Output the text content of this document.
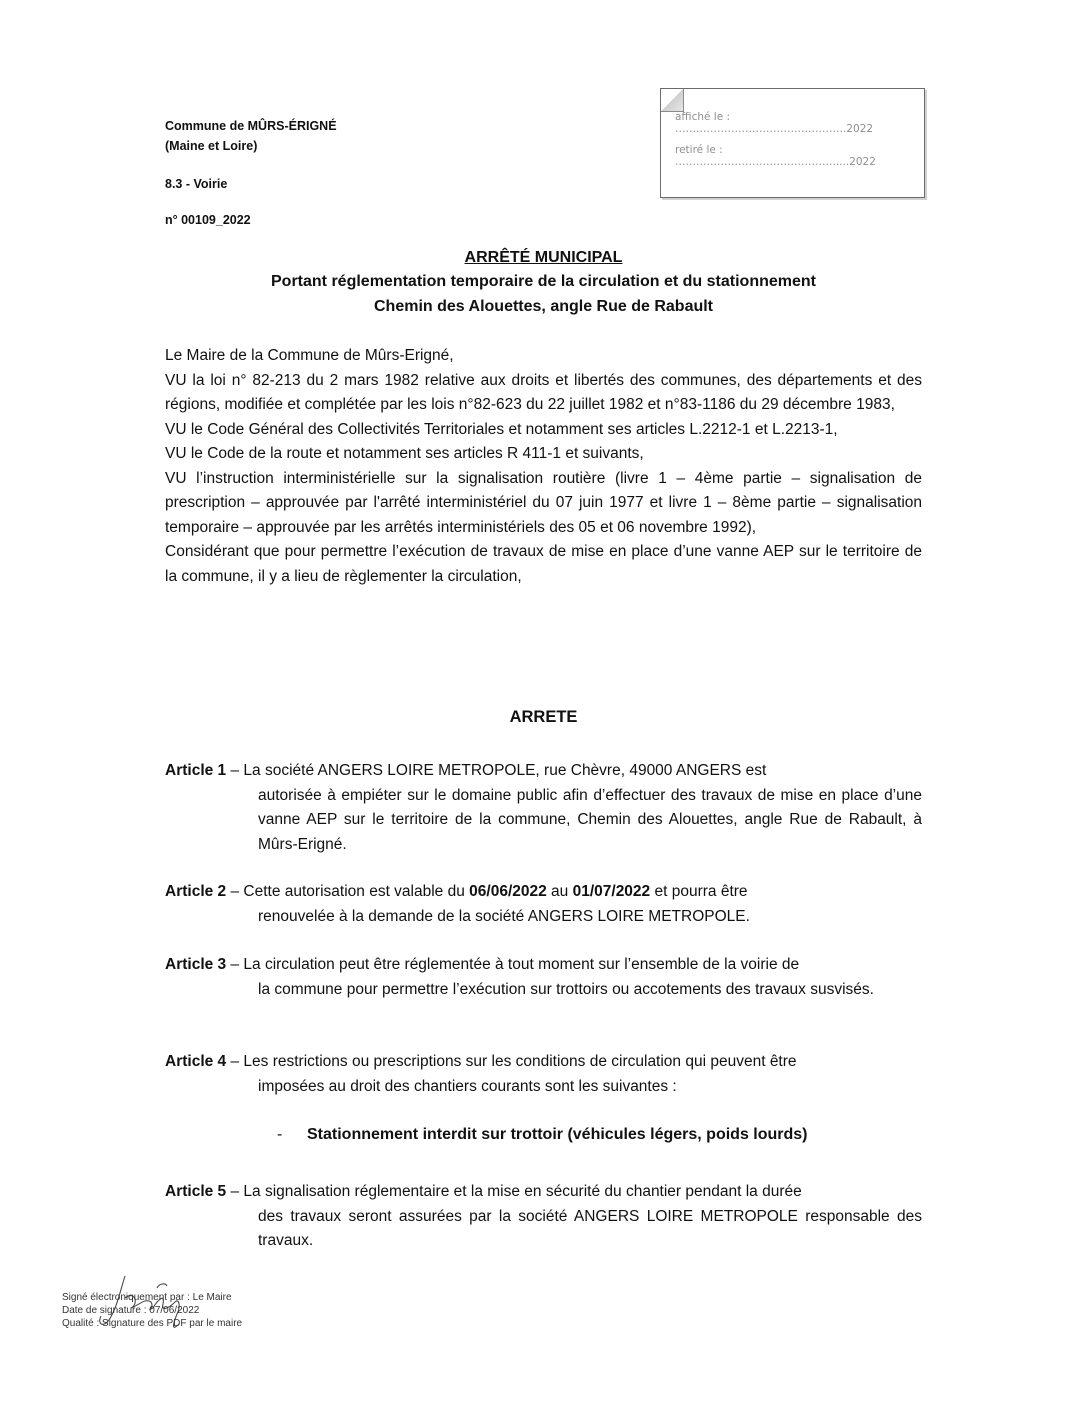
Commune de MÛRS-ÉRIGNÉ
(Maine et Loire)
8.3 - Voirie
n° 00109_2022
affiché le : ………………………………………….2022
retiré le : ……………………………………….....2022
ARRÊTÉ MUNICIPAL
Portant réglementation temporaire de la circulation et du stationnement
Chemin des Alouettes, angle Rue de Rabault

Le Maire de la Commune de Mûrs-Erigné,

VU la loi n° 82-213 du 2 mars 1982 relative aux droits et libertés des communes, des départements et des régions, modifiée et complétée par les lois n°82-623 du 22 juillet 1982 et n°83-1186 du 29 décembre 1983,

VU le Code Général des Collectivités Territoriales et notamment ses articles L.2212-1 et L.2213-1,

VU le Code de la route et notamment ses articles R 411-1 et suivants,

VU l’instruction interministérielle sur la signalisation routière (livre 1 – 4ème partie – signalisation de prescription – approuvée par l'arrêté interministériel du 07 juin 1977 et livre 1 – 8ème partie – signalisation temporaire – approuvée par les arrêtés interministériels des 05 et 06 novembre 1992),

Considérant que pour permettre l’exécution de travaux de mise en place d’une vanne AEP sur le territoire de la commune, il y a lieu de règlementer la circulation,

ARRETE
Article 1 – La société ANGERS LOIRE METROPOLE, rue Chèvre, 49000 ANGERS est
autorisée à empiéter sur le domaine public afin d’effectuer des travaux de mise en place d’une vanne AEP sur le territoire de la commune, Chemin des Alouettes, angle Rue de Rabault, à Mûrs-Erigné.
Article 2 – Cette autorisation est valable du 06/06/2022 au 01/07/2022 et pourra être
renouvelée à la demande de la société ANGERS LOIRE METROPOLE.
Article 3 – La circulation peut être réglementée à tout moment sur l’ensemble de la voirie de
la commune pour permettre l’exécution sur trottoirs ou accotements des travaux susvisés.
Article 4 – Les restrictions ou prescriptions sur les conditions de circulation qui peuvent être
imposées au droit des chantiers courants sont les suivantes :
- Stationnement interdit sur trottoir (véhicules légers, poids lourds)
Article 5 – La signalisation réglementaire et la mise en sécurité du chantier pendant la durée
des travaux seront assurées par la société ANGERS LOIRE METROPOLE responsable des travaux.
Signé électroniquement par : Le Maire
Date de signature : 07/06/2022
Qualité : Signature des PDF par le maire
